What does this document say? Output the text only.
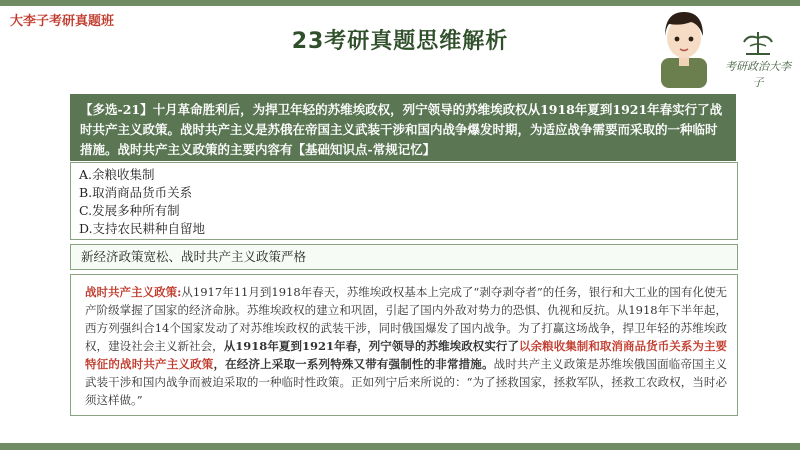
大李子考研真题班
23考研真题思维解析
考研政治大李子

【多选-21】十月革命胜利后，为捍卫年轻的苏维埃政权，列宁领导的苏维埃政权从1918年夏到1921年春实行了战时共产主义政策。战时共产主义是苏俄在帝国主义武装干涉和国内战争爆发时期，为适应战争需要而采取的一种临时措施。战时共产主义政策的主要内容有【基础知识点-常规记忆】

A.余粮收集制
B.取消商品货币关系
C.发展多种所有制
D.支持农民耕种自留地
新经济政策宽松、战时共产主义政策严格

战时共产主义政策:从1917年11月到1918年春天，苏维埃政权基本上完成了“剥夺剥夺者”的任务，银行和大工业的国有化使无产阶级掌握了国家的经济命脉。苏维埃政权的建立和巩固，引起了国内外敌对势力的恐惧、仇视和反抗。从1918年下半年起，西方列强纠合14个国家发动了对苏维埃政权的武装干涉，同时俄国爆发了国内战争。为了打赢这场战争，捍卫年轻的苏维埃政权，建设社会主义新社会，从1918年夏到1921年春，列宁领导的苏维埃政权实行了以余粮收集制和取消商品货币关系为主要特征的战时共产主义政策，在经济上采取一系列特殊又带有强制性的非常措施。战时共产主义政策是苏维埃俄国面临帝国主义武装干涉和国内战争而被迫采取的一种临时性政策。正如列宁后来所说的：“为了拯救国家，拯救军队，拯救工农政权，当时必须这样做。”
